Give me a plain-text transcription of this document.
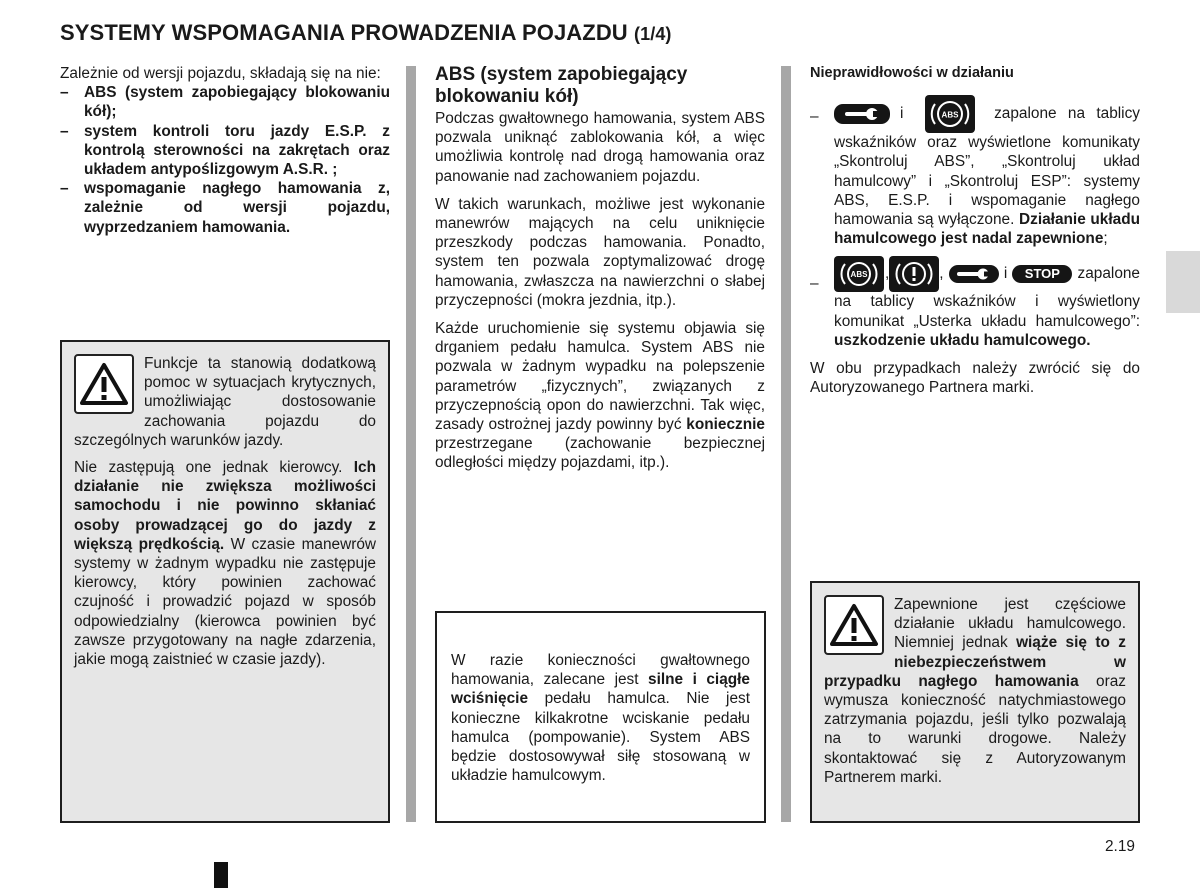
SYSTEMY WSPOMAGANIA PROWADZENIA POJAZDU (1/4)

Zależnie od wersji pojazdu, składają się na nie:

– ABS (system zapobiegający blokowaniu kół);
– system kontroli toru jazdy E.S.P. z kontrolą sterowności na zakrętach oraz układem antypoślizgowym A.S.R. ;
– wspomaganie nagłego hamowania z, zależnie od wersji pojazdu, wyprzedzaniem hamowania.

Funkcje ta stanowią dodatkową pomoc w sytuacjach krytycznych, umożliwiając dostosowanie zachowania pojazdu do szczególnych warunków jazdy.

Nie zastępują one jednak kierowcy. Ich działanie nie zwiększa możliwości samochodu i nie powinno skłaniać osoby prowadzącej go do jazdy z większą prędkością. W czasie manewrów systemy w żadnym wypadku nie zastępuje kierowcy, który powinien zachować czujność i prowadzić pojazd w sposób odpowiedzialny (kierowca powinien być zawsze przygotowany na nagłe zdarzenia, jakie mogą zaistnieć w czasie jazdy).

ABS (system zapobiegający blokowaniu kół)

Podczas gwałtownego hamowania, system ABS pozwala uniknąć zablokowania kół, a więc umożliwia kontrolę nad drogą hamowania oraz panowanie nad zachowaniem pojazdu.

W takich warunkach, możliwe jest wykonanie manewrów mających na celu uniknięcie przeszkody podczas hamowania. Ponadto, system ten pozwala zoptymalizować drogę hamowania, zwłaszcza na nawierzchni o słabej przyczepności (mokra jezdnia, itp.).

Każde uruchomienie się systemu objawia się drganiem pedału hamulca. System ABS nie pozwala w żadnym wypadku na polepszenie parametrów „fizycznych”, związanych z przyczepnością opon do nawierzchni. Tak więc, zasady ostrożnej jazdy powinny być koniecznie przestrzegane (zachowanie bezpiecznej odległości między pojazdami, itp.).

W razie konieczności gwałtownego hamowania, zalecane jest silne i ciągłe wciśnięcie pedału hamulca. Nie jest konieczne kilkakrotne wciskanie pedału hamulca (pompowanie). System ABS będzie dostosowywał siłę stosowaną w układzie hamulcowym.

Nieprawidłowości w działaniu
–	i	ABS zapalone na tablicy wskaźników oraz wyświetlone komunikaty „Skontroluj ABS”, „Skontroluj układ hamulcowy” i „Skontroluj ESP”: systemy ABS, E.S.P. i wspomaganie nagłego hamowania są wyłączone. Działanie układu hamulcowego jest nadal zapewnione;

–

ABS ,	,	i STOP zapalone na tablicy wskaźników i wyświetlony komunikat „Usterka układu hamulcowego”: uszkodzenie układu hamulcowego.

W obu przypadkach należy zwrócić się do Autoryzowanego Partnera marki.

Zapewnione jest częściowe działanie układu hamulcowego. Niemniej jednak wiąże się to z niebezpieczeństwem w przypadku nagłego hamowania oraz wymusza konieczność natychmiastowego zatrzymania pojazdu, jeśli tylko pozwalają na to warunki drogowe. Należy skontaktować się z Autoryzowanym Partnerem marki.

2.19
